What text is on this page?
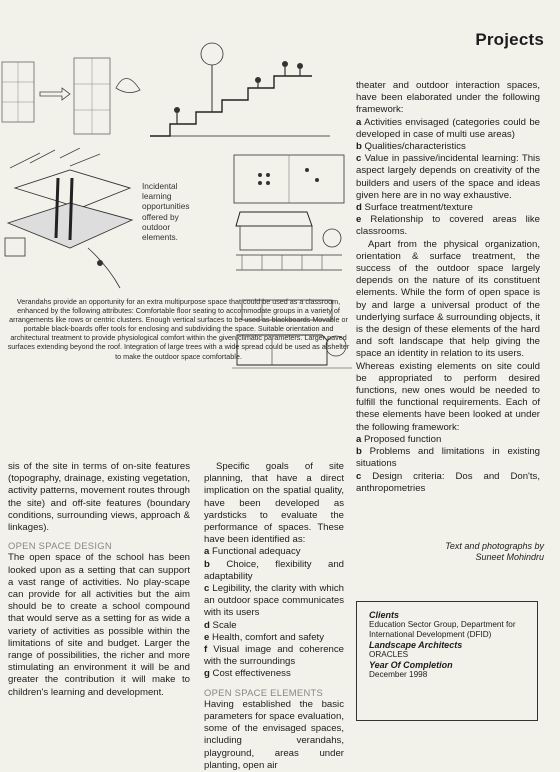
Projects
Incidental learning opportunities offered by outdoor elements.
Verandahs provide an opportunity for an extra multipurpose space that could be used as a classroom, enhanced by the following attributes: Comfortable floor seating to accommodate groups in a variety of arrangements like rows or centric clusters. Enough vertical surfaces to be used as blackboards Movable or portable black-boards offer tools for enclosing and subdividing the space. Suitable orientation and architectural treatment to provide physiological comfort within the given climatic parameters. Larger paved surfaces extending beyond the roof. Integration of large trees with a wide spread could be used as a shelter to make the outdoor space comfortable.

sis of the site in terms of on-site features (topography, drainage, existing vegetation, activity patterns, movement routes through the site) and off-site features (boundary conditions, surrounding views, approach & linkages).

OPEN SPACE DESIGN

The open space of the school has been looked upon as a setting that can support a vast range of activities. No play-scape can provide for all activities but the aim should be to create a school compound that would serve as a setting for as wide a variety of activities as possible within the limitations of site and budget. Larger the range of possibilities, the richer and more stimulating an environment it will be and greater the contribution it will make to children's learning and development.

Specific goals of site planning, that have a direct implication on the spatial quality, have been developed as yardsticks to evaluate the performance of spaces. These have been identified as:

a Functional adequacy

b Choice, flexibility and adaptability

c Legibility, the clarity with which an outdoor space communicates with its users

d Scale

e Health, comfort and safety

f Visual image and coherence with the surroundings

g Cost effectiveness

OPEN SPACE ELEMENTS

Having established the basic parameters for space evaluation, some of the envisaged spaces, including verandahs, playground, areas under planting, open air

theater and outdoor interaction spaces, have been elaborated under the following framework:

a Activities envisaged (categories could be developed in case of multi use areas)

b Qualities/characteristics

c Value in passive/incidental learning: This aspect largely depends on creativity of the builders and users of the space and ideas given here are in no way exhaustive.

d Surface treatment/texture

e Relationship to covered areas like classrooms.

Apart from the physical organization, orientation & surface treatment, the success of the outdoor space largely depends on the nature of its constituent elements. While the form of open space is by and large a universal product of the underlying surface & surrounding objects, it is the design of these elements of the hard and soft landscape that help giving the space an identity in relation to its users.

Whereas existing elements on site could be appropriated to perform desired functions, new ones would be needed to fulfill the functional requirements. Each of these elements have been looked at under the following framework:

a Proposed function

b Problems and limitations in existing situations

c Design criteria: Dos and Don'ts, anthropometries

Text and photographs by
Suneet Mohindru
Clients
Education Sector Group, Department for International Development (DFID)
Landscape Architects
ORACLES
Year Of Completion
December 1998
